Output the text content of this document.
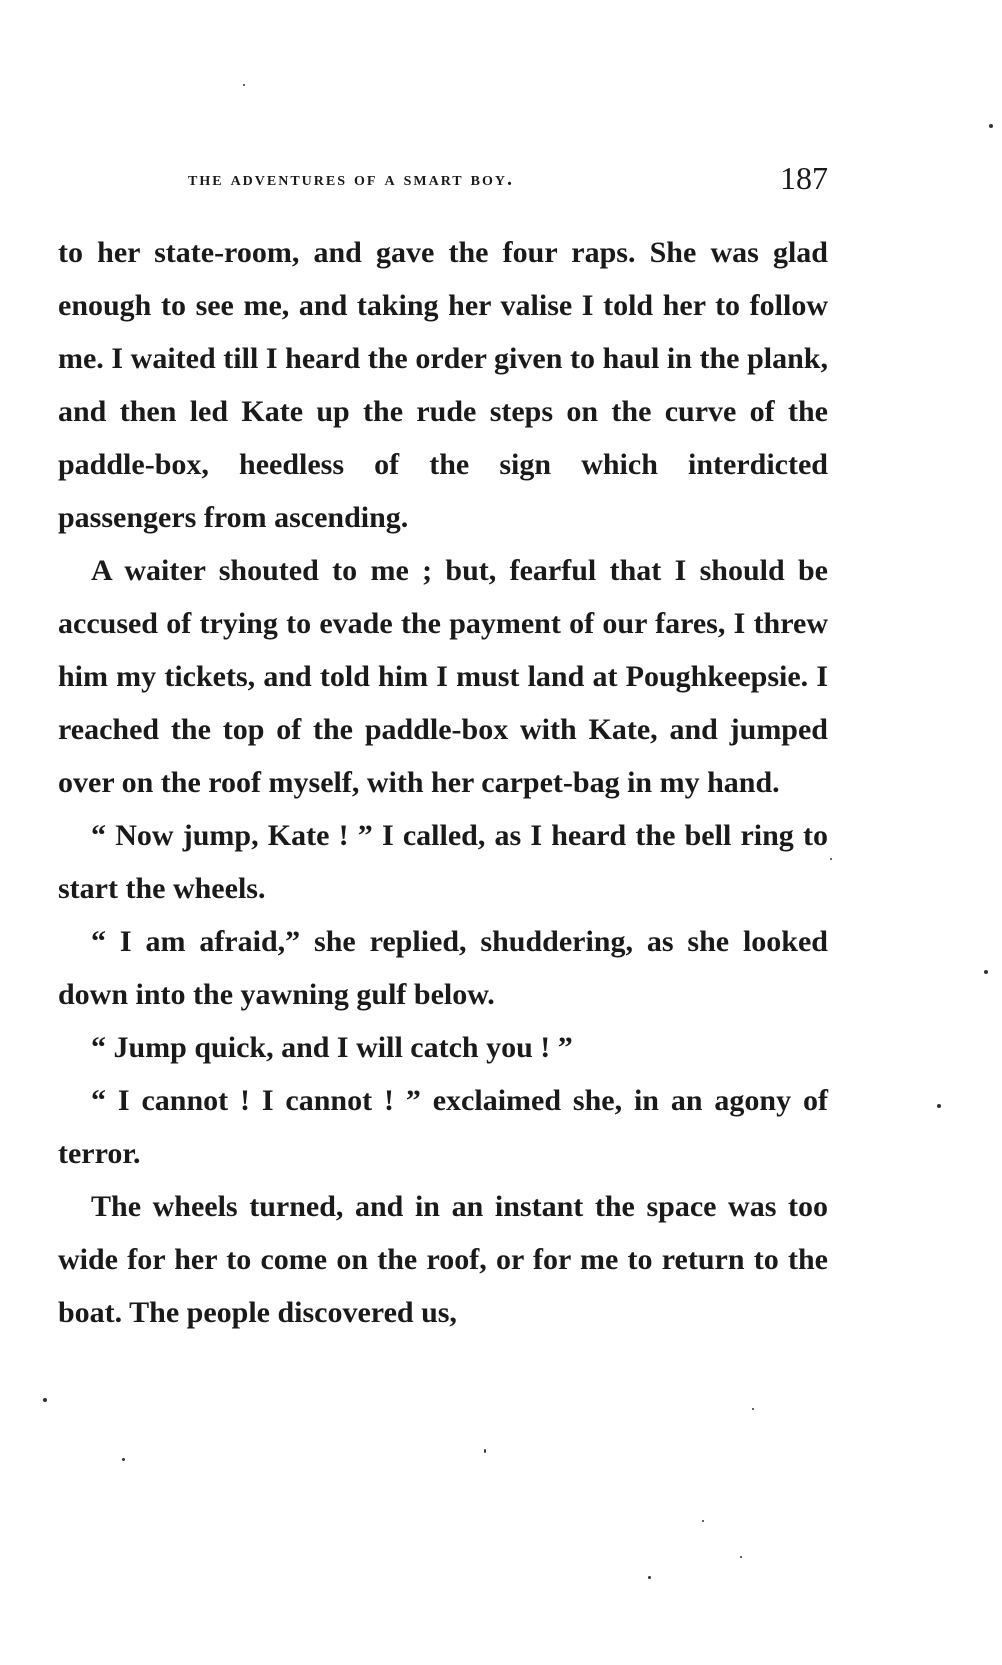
the adventures of a smart boy.	187

to her state-room, and gave the four raps. She was glad enough to see me, and taking her valise I told her to follow me. I waited till I heard the order given to haul in the plank, and then led Kate up the rude steps on the curve of the paddle-box, heedless of the sign which interdicted passengers from ascending.

A waiter shouted to me ; but, fearful that I should be accused of trying to evade the payment of our fares, I threw him my tickets, and told him I must land at Poughkeepsie. I reached the top of the paddle-box with Kate, and jumped over on the roof myself, with her carpet-bag in my hand.

“ Now jump, Kate ! ” I called, as I heard the bell ring to start the wheels.

“ I am afraid,” she replied, shuddering, as she looked down into the yawning gulf below.

“ Jump quick, and I will catch you ! ”

“ I cannot ! I cannot ! ” exclaimed she, in an agony of terror.

The wheels turned, and in an instant the space was too wide for her to come on the roof, or for me to return to the boat. The people discovered us,
